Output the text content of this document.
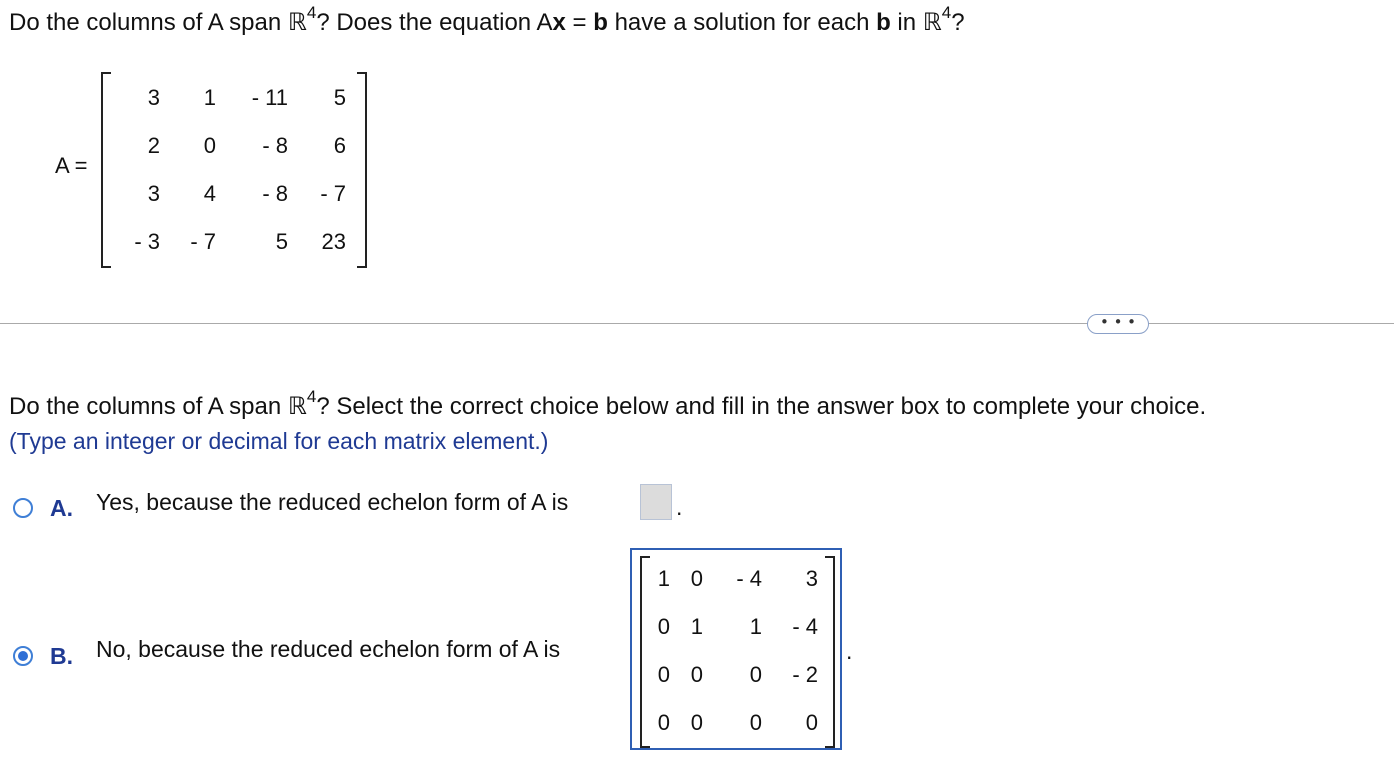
Do the columns of A span ℝ$^4$? Does the equation Ax = b have a solution for each b in ℝ$^4$?
A =
3	1	- 11	5
2	0	- 8	6
3	4	- 8	- 7
- 3	- 7	5	23
• • •
Do the columns of A span ℝ$^4$? Select the correct choice below and fill in the answer box to complete your choice.
(Type an integer or decimal for each matrix element.)
A. Yes, because the reduced echelon form of A is	.
B. No, because the reduced echelon form of A is
1 0	- 4	3
0 1	1	- 4
0 0	0	- 2
0 0	0	0
.
